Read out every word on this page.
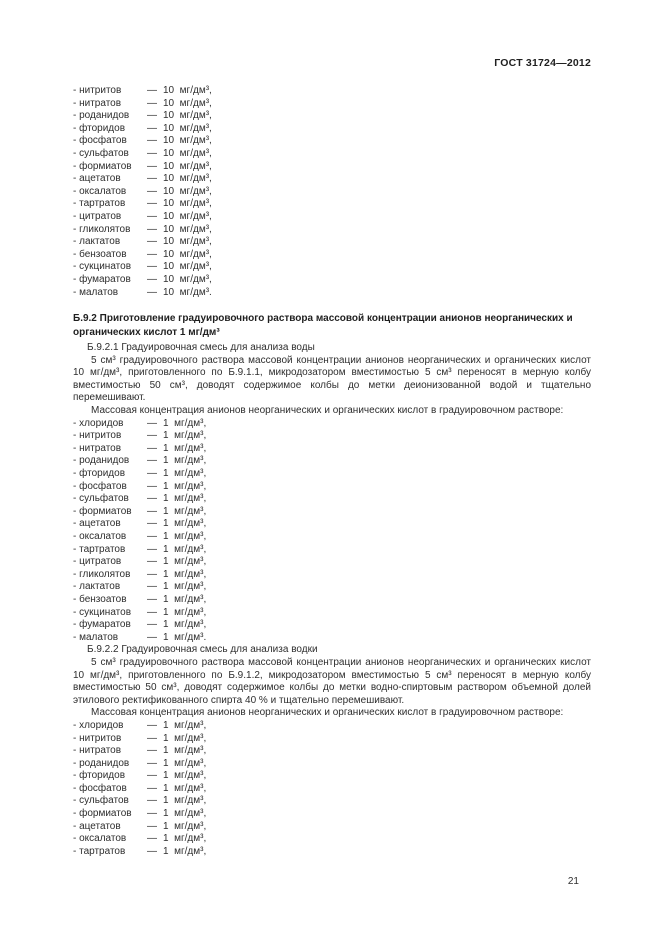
ГОСТ 31724—2012
- нитритов	— 10  мг/дм³,
- нитратов	— 10  мг/дм³,
- роданидов	— 10  мг/дм³,
- фторидов	— 10  мг/дм³,
- фосфатов	— 10  мг/дм³,
- сульфатов	— 10  мг/дм³,
- формиатов	— 10  мг/дм³,
- ацетатов	— 10  мг/дм³,
- оксалатов	— 10  мг/дм³,
- тартратов	— 10  мг/дм³,
- цитратов	— 10  мг/дм³,
- гликолятов	— 10  мг/дм³,
- лактатов	— 10  мг/дм³,
- бензоатов	— 10  мг/дм³,
- сукцинатов	— 10  мг/дм³,
- фумаратов	— 10  мг/дм³,
- малатов	— 10  мг/дм³.
Б.9.2 Приготовление градуировочного раствора массовой концентрации анионов неорганических и органических кислот 1 мг/дм³
Б.9.2.1 Градуировочная смесь для анализа воды

5 см³ градуировочного раствора массовой концентрации анионов неорганических и органических кислот 10 мг/дм³, приготовленного по Б.9.1.1, микродозатором вместимостью 5 см³ переносят в мерную колбу вместимостью 50 см³, доводят содержимое колбы до метки деионизованной водой и тщательно перемешивают.

Массовая концентрация анионов неорганических и органических кислот в градуировочном растворе:

- хлоридов	— 1  мг/дм³,
- нитритов	— 1  мг/дм³,
- нитратов	— 1  мг/дм³,
- роданидов	— 1  мг/дм³,
- фторидов	— 1  мг/дм³,
- фосфатов	— 1  мг/дм³,
- сульфатов	— 1  мг/дм³,
- формиатов	— 1  мг/дм³,
- ацетатов	— 1  мг/дм³,
- оксалатов	— 1  мг/дм³,
- тартратов	— 1  мг/дм³,
- цитратов	— 1  мг/дм³,
- гликолятов	— 1  мг/дм³,
- лактатов	— 1  мг/дм³,
- бензоатов	— 1  мг/дм³,
- сукцинатов	— 1  мг/дм³,
- фумаратов	— 1  мг/дм³,
- малатов	— 1  мг/дм³.
Б.9.2.2 Градуировочная смесь для анализа водки

5 см³ градуировочного раствора массовой концентрации анионов неорганических и органических кислот 10 мг/дм³, приготовленного по Б.9.1.2, микродозатором вместимостью 5 см³ переносят в мерную колбу вместимостью 50 см³, доводят содержимое колбы до метки водно-спиртовым раствором объемной долей этилового ректификованного спирта 40 % и тщательно перемешивают.

Массовая концентрация анионов неорганических и органических кислот в градуировочном растворе:

- хлоридов	— 1  мг/дм³,
- нитритов	— 1  мг/дм³,
- нитратов	— 1  мг/дм³,
- роданидов	— 1  мг/дм³,
- фторидов	— 1  мг/дм³,
- фосфатов	— 1  мг/дм³,
- сульфатов	— 1  мг/дм³,
- формиатов	— 1  мг/дм³,
- ацетатов	— 1  мг/дм³,
- оксалатов	— 1  мг/дм³,
- тартратов	— 1  мг/дм³,
21
